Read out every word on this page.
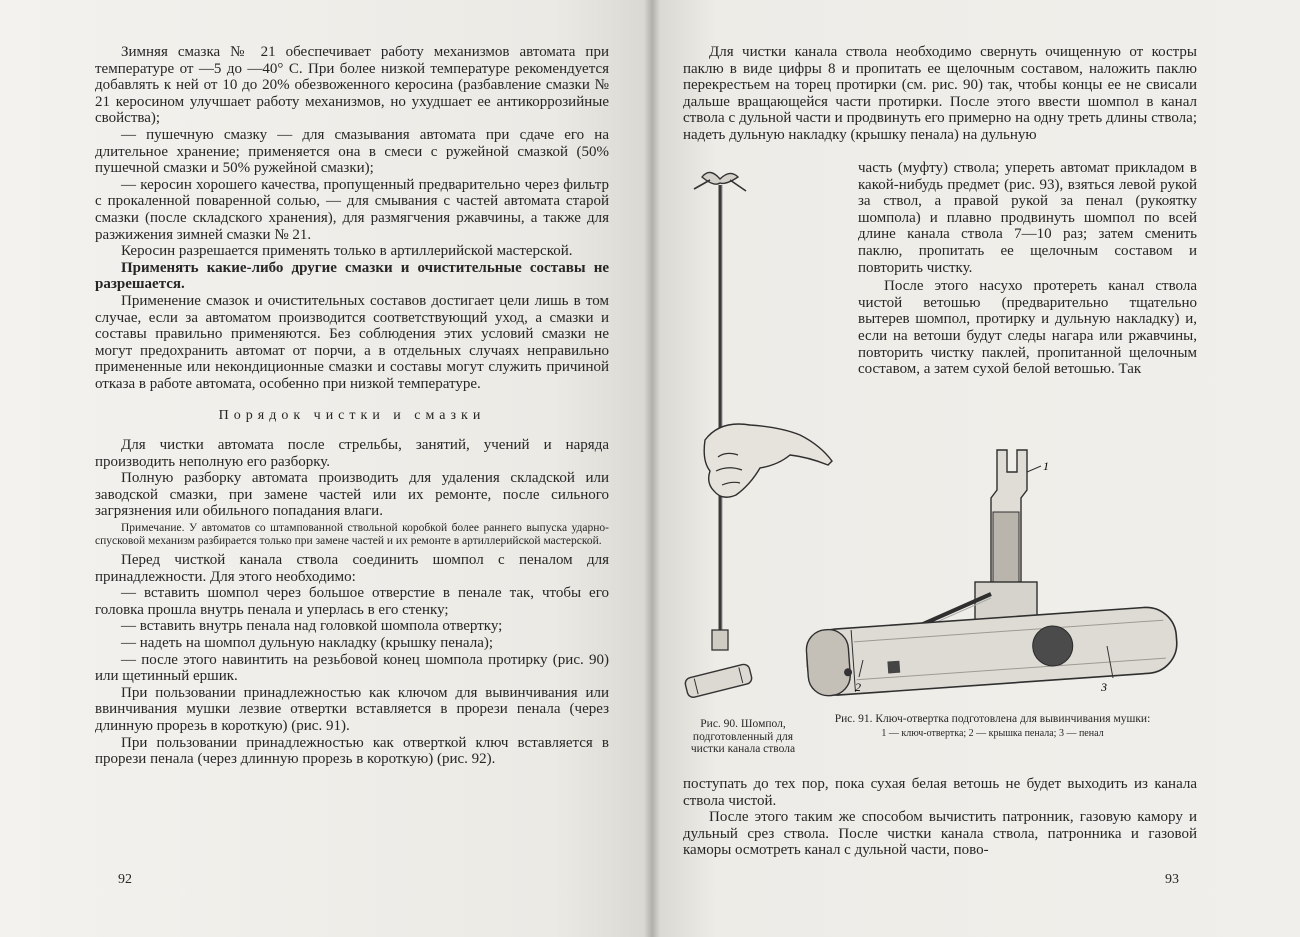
Зимняя смазка № 21 обеспечивает работу механизмов автомата при температуре от —5 до —40° С. При более низкой температуре рекомендуется добавлять к ней от 10 до 20% обезвоженного керосина (разбавление смазки № 21 керосином улучшает работу механизмов, но ухудшает ее антикоррозийные свойства);

— пушечную смазку — для смазывания автомата при сдаче его на длительное хранение; применяется она в смеси с ружейной смазкой (50% пушечной смазки и 50% ружейной смазки);

— керосин хорошего качества, пропущенный предварительно через фильтр с прокаленной поваренной солью, — для смывания с частей автомата старой смазки (после складского хранения), для размягчения ржавчины, а также для разжижения зимней смазки № 21.

Керосин разрешается применять только в артиллерийской мастерской.

Применять какие-либо другие смазки и очистительные составы не разрешается.

Применение смазок и очистительных составов достигает цели лишь в том случае, если за автоматом производится соответствующий уход, а смазки и составы правильно применяются. Без соблюдения этих условий смазки не могут предохранить автомат от порчи, а в отдельных случаях неправильно примененные или некондиционные смазки и составы могут служить причиной отказа в работе автомата, особенно при низкой температуре.

Порядок чистки и смазки

Для чистки автомата после стрельбы, занятий, учений и наряда производить неполную его разборку.

Полную разборку автомата производить для удаления складской или заводской смазки, при замене частей или их ремонте, после сильного загрязнения или обильного попадания влаги.

Примечание. У автоматов со штампованной ствольной коробкой более раннего выпуска ударно-спусковой механизм разбирается только при замене частей и их ремонте в артиллерийской мастерской.

Перед чисткой канала ствола соединить шомпол с пеналом для принадлежности. Для этого необходимо:

— вставить шомпол через большое отверстие в пенале так, чтобы его головка прошла внутрь пенала и уперлась в его стенку;

— вставить внутрь пенала над головкой шомпола отвертку;

— надеть на шомпол дульную накладку (крышку пенала);

— после этого навинтить на резьбовой конец шомпола протирку (рис. 90) или щетинный ершик.

При пользовании принадлежностью как ключом для вывинчивания или ввинчивания мушки лезвие отвертки вставляется в прорези пенала (через длинную прорезь в короткую) (рис. 91).

При пользовании принадлежностью как отверткой ключ вставляется в прорези пенала (через длинную прорезь в короткую) (рис. 92).

92

Для чистки канала ствола необходимо свернуть очищенную от костры паклю в виде цифры 8 и пропитать ее щелочным составом, наложить паклю перекрестьем на торец протирки (см. рис. 90) так, чтобы концы ее не свисали дальше вращающейся части протирки. После этого ввести шомпол в канал ствола с дульной части и продвинуть его примерно на одну треть длины ствола; надеть дульную накладку (крышку пенала) на дульную

часть (муфту) ствола; упереть автомат прикладом в какой-нибудь предмет (рис. 93), взяться левой рукой за ствол, а правой рукой за пенал (рукоятку шомпола) и плавно продвинуть шомпол по всей длине канала ствола 7—10 раз; затем сменить паклю, пропитать ее щелочным составом и повторить чистку.

После этого насухо протереть канал ствола чистой ветошью (предварительно тщательно вытерев шомпол, протирку и дульную накладку) и, если на ветоши будут следы нагара или ржавчины, повторить чистку паклей, пропитанной щелочным составом, а затем сухой белой ветошью. Так

1
2	3
Рис. 90. Шомпол, подготовленный для чистки канала ствола
Рис. 91. Ключ-отвертка подготовлена для вывинчивания мушки:
1 — ключ-отвертка; 2 — крышка пенала; 3 — пенал

поступать до тех пор, пока сухая белая ветошь не будет выходить из канала ствола чистой.

После этого таким же способом вычистить патронник, газовую камору и дульный срез ствола. После чистки канала ствола, патронника и газовой каморы осмотреть канал с дульной части, пово-

93
